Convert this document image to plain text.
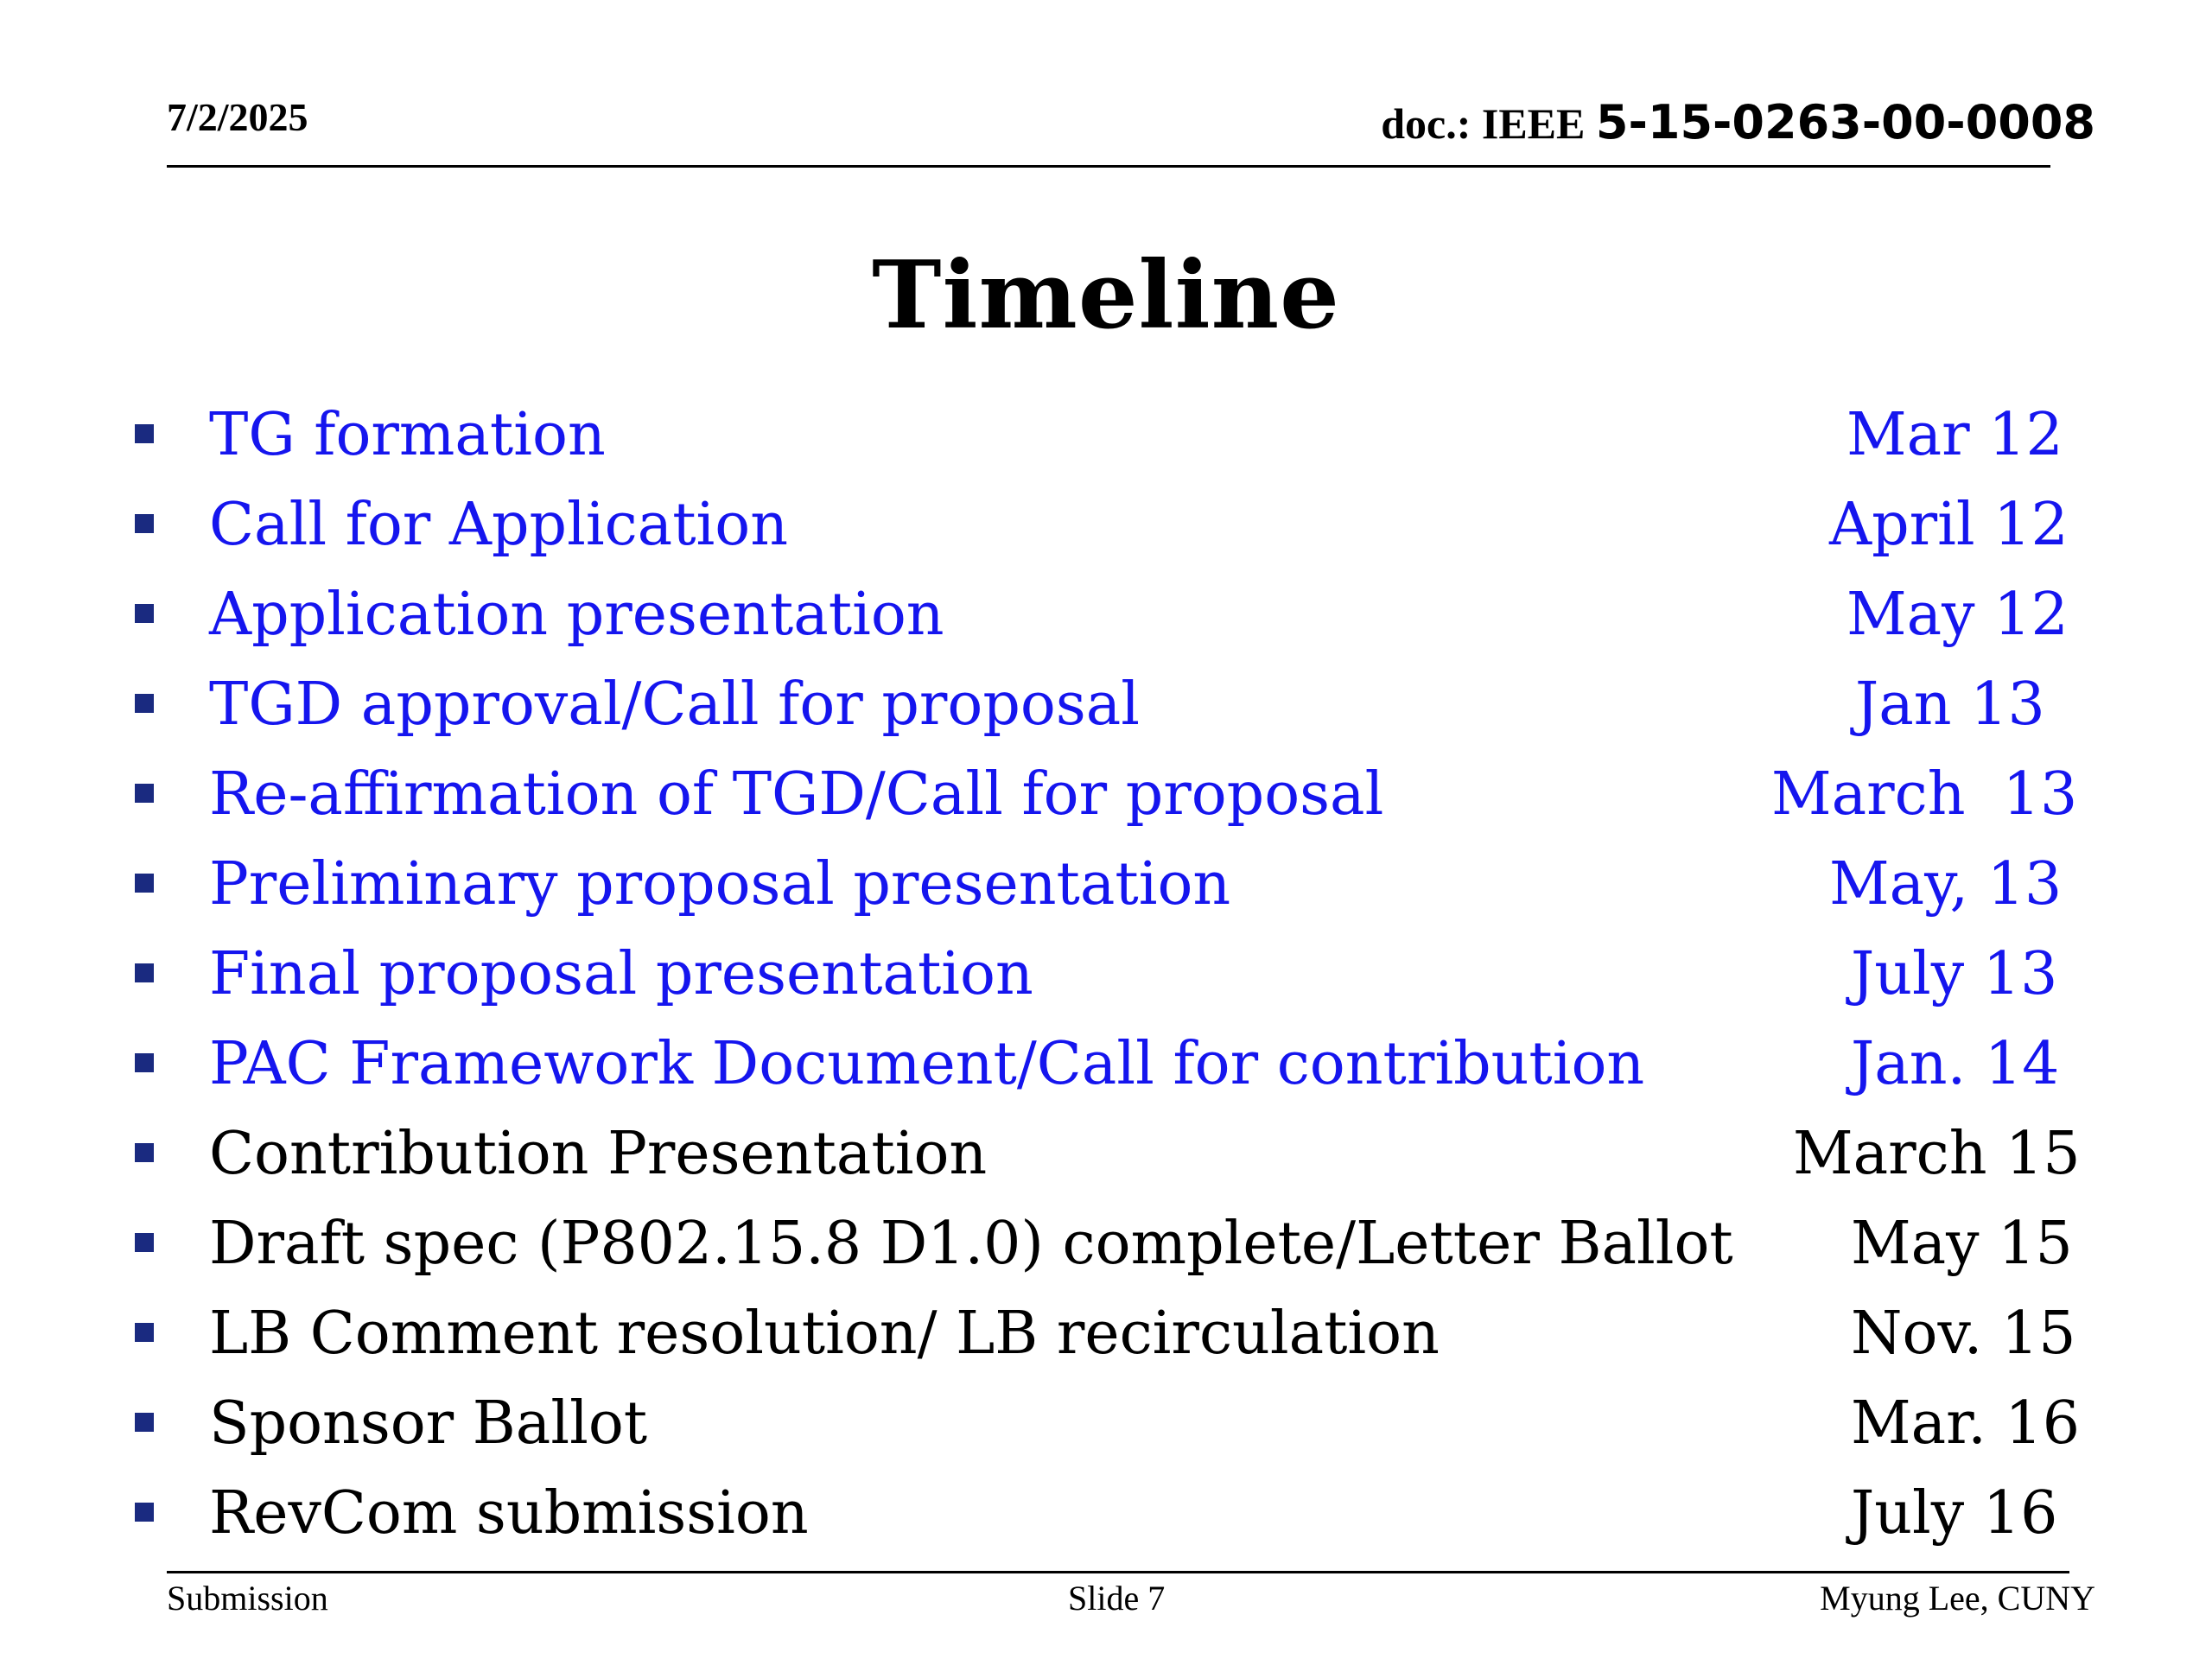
7/2/2025	doc.: IEEE 5-15-0263-00-0008
Timeline
TG formation	Mar 12
Call for Application	April 12
Application presentation	May 12
TGD approval/Call for proposal	Jan 13
Re-affirmation of TGD/Call for proposal	March  13
Preliminary proposal presentation	May, 13
Final proposal presentation	July 13
PAC Framework Document/Call for contribution	Jan. 14
Contribution Presentation	March 15
Draft spec (P802.15.8 D1.0) complete/Letter Ballot May 15
LB Comment resolution/ LB recirculation	Nov. 15
Sponsor Ballot	Mar. 16
RevCom submission	July 16
Submission	Slide 7	Myung Lee, CUNY
